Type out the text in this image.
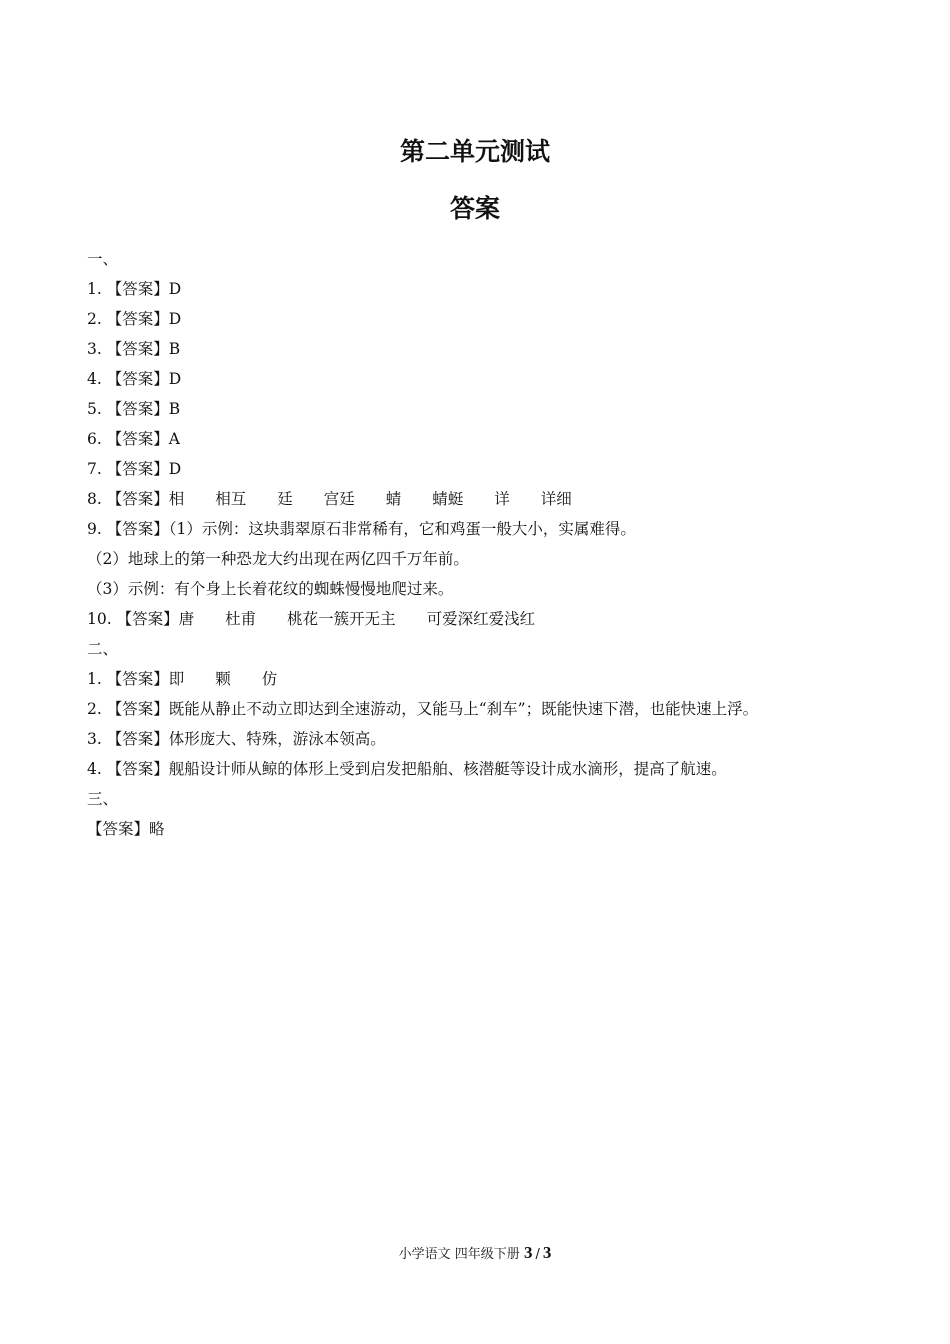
第二单元测试
答案
一、
1. 【答案】D
2. 【答案】D
3. 【答案】B
4. 【答案】D
5. 【答案】B
6. 【答案】A
7. 【答案】D
8. 【答案】相　　相互　　廷　　宫廷　　蜻　　蜻蜓　　详　　详细
9. 【答案】（1）示例：这块翡翠原石非常稀有，它和鸡蛋一般大小，实属难得。
（2）地球上的第一种恐龙大约出现在两亿四千万年前。
（3）示例：有个身上长着花纹的蜘蛛慢慢地爬过来。
10. 【答案】唐　　杜甫　　桃花一簇开无主　　可爱深红爱浅红
二、
1. 【答案】即　　颗　　仿
2. 【答案】既能从静止不动立即达到全速游动，又能马上“刹车”；既能快速下潜，也能快速上浮。
3. 【答案】体形庞大、特殊，游泳本领高。
4. 【答案】舰船设计师从鲸的体形上受到启发把船舶、核潜艇等设计成水滴形，提高了航速。
三、
【答案】略
小学语文 四年级下册 3 / 3
